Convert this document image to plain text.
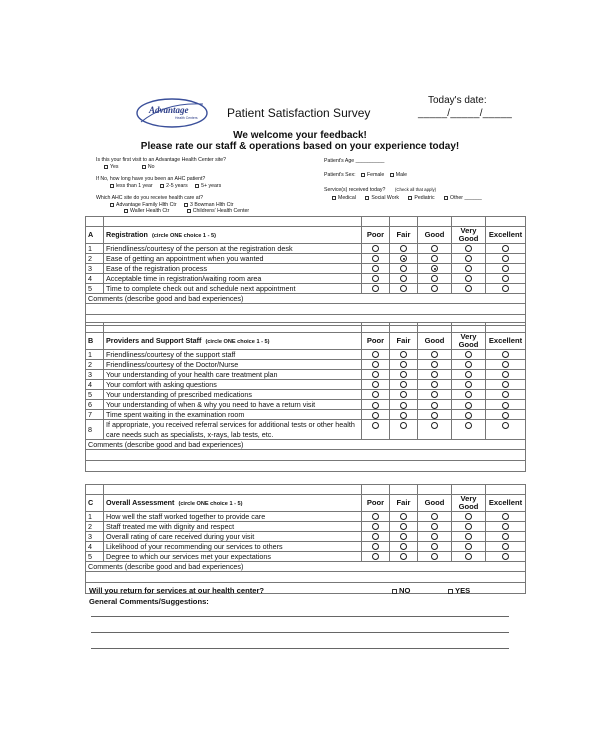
Advantage
Health Centers Patient Satisfaction Survey
Today's date:
_____/_____/_____
We welcome your feedback!
Please rate our staff & operations based on your experience today!
Is this your first visit to an Advantage Health Center site?
Yes	No
If No, how long have you been an AHC patient?
less than 1 year	2-5 years	5+ years
Which AHC site do you receive health care at?
Advantage Family Hlth Ctr	3 Bowman Hlth Ctr
Waller Health Ctr	Childrens' Health Center
Patient's Age __________
Patient's Sex: Female Male
Service(s) received today? (Check all that apply)
Medical	Social Work	Pediatric	Other ______

A	Registration (circle ONE choice 1 - 5)	Poor	Fair	Good	Very Good	Excellent
1	Friendliness/courtesy of the person at the registration desk					
2	Ease of getting an appointment when you wanted					
3	Ease of the registration process					
4	Acceptable time in registration/waiting room area					
5	Time to complete check out and schedule next appointment					
Comments (describe good and bad experiences)						

B	Providers and Support Staff (circle ONE choice 1 - 5)	Poor	Fair	Good	Very Good	Excellent
1	Friendliness/courtesy of the support staff					
2	Friendliness/courtesy of the Doctor/Nurse					
3	Your understanding of your health care treatment plan					
4	Your comfort with asking questions					
5	Your understanding of prescribed medications					
6	Your understanding of when & why you need to have a return visit					
7	Time spent waiting in the examination room					
8	If appropriate, you received referral services for additional tests or other health care needs such as specialists, x-rays, lab tests, etc.					
Comments (describe good and bad experiences)						

C	Overall Assessment (circle ONE choice 1 - 5)	Poor	Fair	Good	Very Good	Excellent
1	How well the staff worked together to provide care					
2	Staff treated me with dignity and respect					
3	Overall rating of care received during your visit					
4	Likelihood of your recommending our services to others					
5	Degree to which our services met your expectations					
Comments (describe good and bad experiences)						

Will you return for services at our health center?	NO	YES
General Comments/Suggestions:
